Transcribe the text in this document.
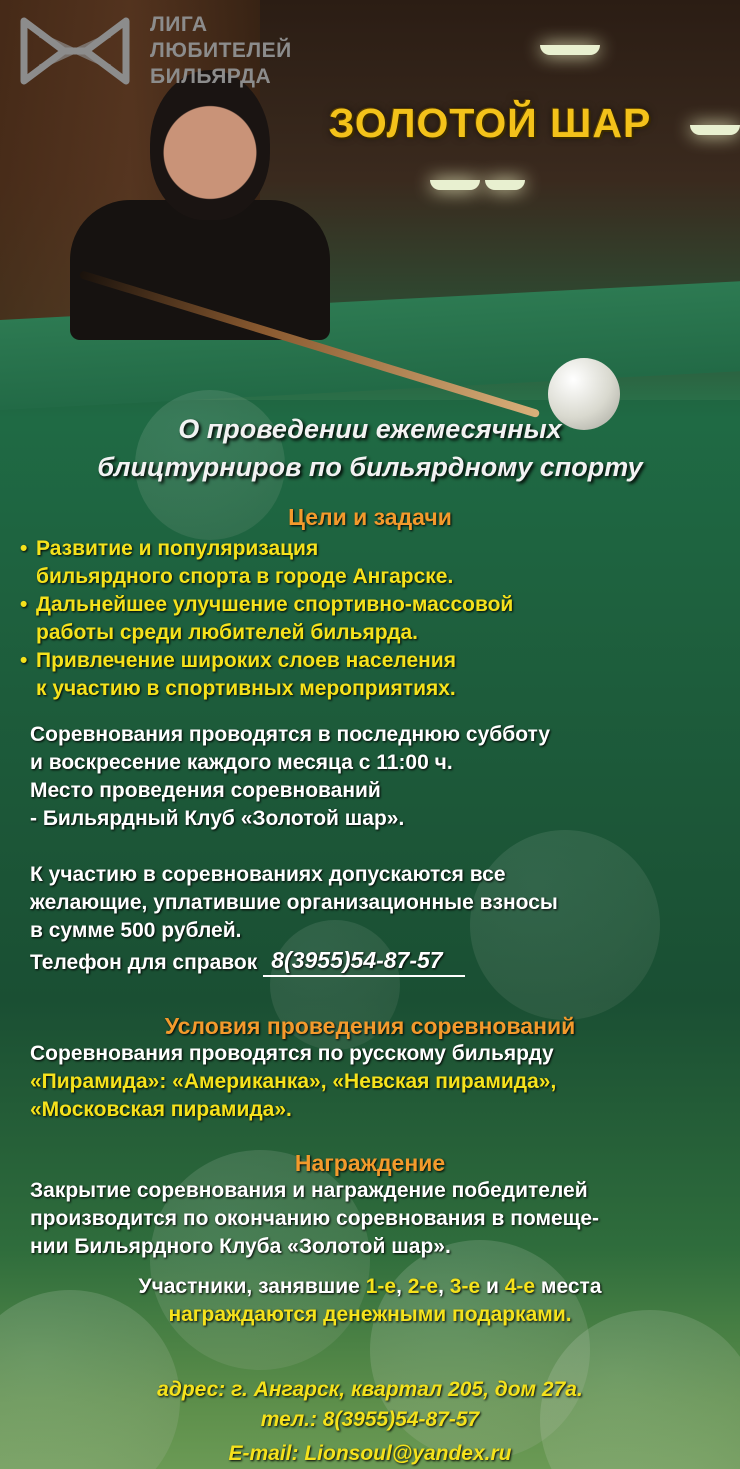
ЛИГА
ЛЮБИТЕЛЕЙ
БИЛЬЯРДА
ЗОЛОТОЙ ШАР

О проведении ежемесячных
блицтурниров по бильярдному спорту

Цели и задачи

• Развитие и популяризация
бильярдного спорта в городе Ангарске.
• Дальнейшее улучшение спортивно-массовой
работы среди любителей бильярда.
• Привлечение широких слоев населения
к участию в спортивных мероприятиях.

Соревнования проводятся в последнюю субботу
и воскресение каждого месяца с 11:00 ч.
Место проведения соревнований
- Бильярдный Клуб «Золотой шар».

К участию в соревнованиях допускаются все
желающие, уплатившие организационные взносы
в сумме 500 рублей.

Телефон для справок 8(3955)54-87-57

Условия проведения соревнований

Соревнования проводятся по русскому бильярду
«Пирамида»: «Американка», «Невская пирамида»,
«Московская пирамида».

Награждение

Закрытие соревнования и награждение победителей
производится по окончанию соревнования в помеще-
нии Бильярдного Клуба «Золотой шар».

Участники, занявшие 1-е, 2-е, 3-е и 4-е места
награждаются денежными подарками.

адрес: г. Ангарск, квартал 205, дом 27а.

тел.: 8(3955)54-87-57

E-mail: Lionsoul@yandex.ru
